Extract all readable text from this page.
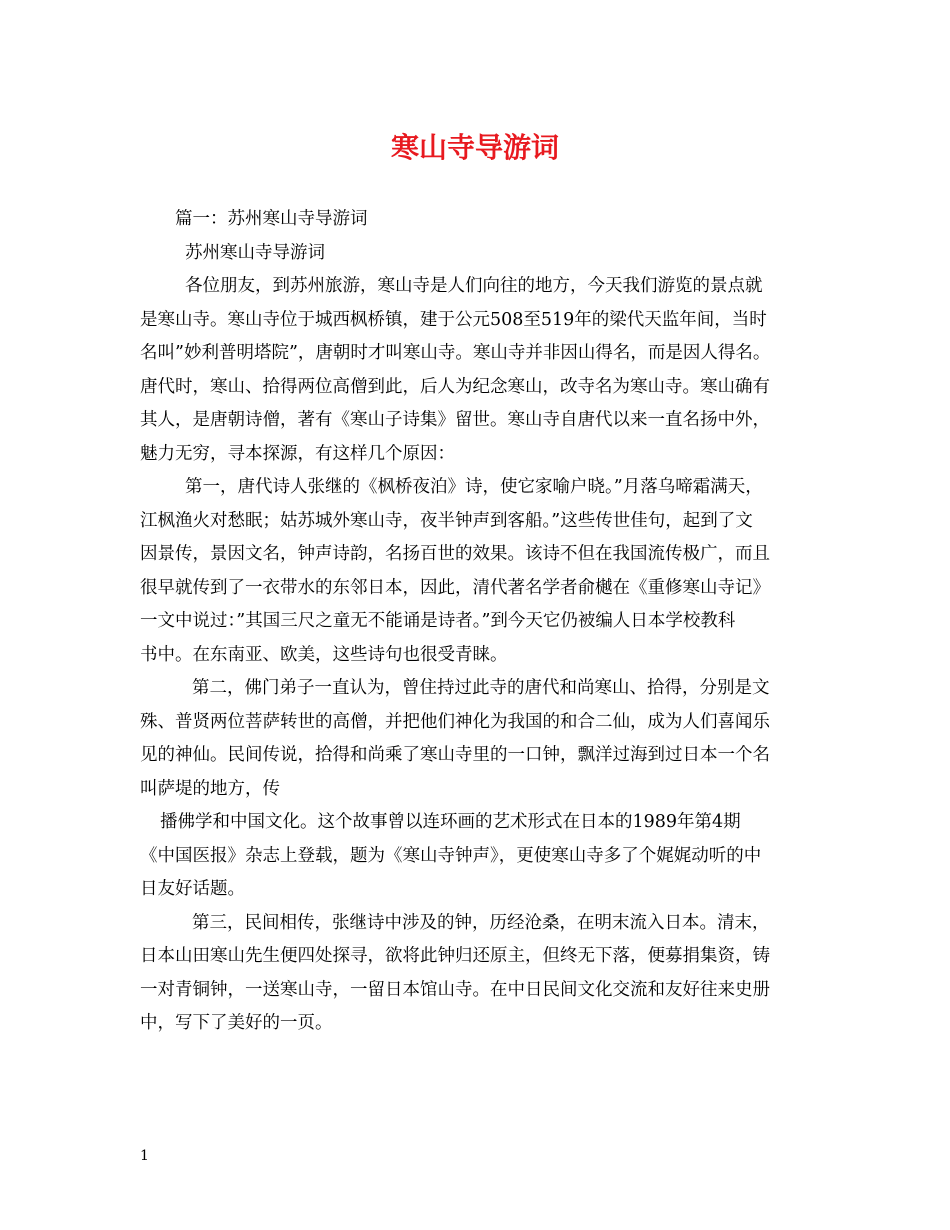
寒山寺导游词
篇一：苏州寒山寺导游词
苏州寒山寺导游词
各位朋友，到苏州旅游，寒山寺是人们向往的地方，今天我们游览的景点就
是寒山寺。寒山寺位于城西枫桥镇，建于公元508至519年的梁代天监年间，当时
名叫”妙利普明塔院”，唐朝时才叫寒山寺。寒山寺并非因山得名，而是因人得名。
唐代时，寒山、拾得两位高僧到此，后人为纪念寒山，改寺名为寒山寺。寒山确有
其人，是唐朝诗僧，著有《寒山子诗集》留世。寒山寺自唐代以来一直名扬中外，
魅力无穷，寻本探源，有这样几个原因：
第一，唐代诗人张继的《枫桥夜泊》诗，使它家喻户晓。”月落乌啼霜满天，
江枫渔火对愁眠；姑苏城外寒山寺，夜半钟声到客船。”这些传世佳句，起到了文
因景传，景因文名，钟声诗韵，名扬百世的效果。该诗不但在我国流传极广，而且
很早就传到了一衣带水的东邻日本，因此，清代著名学者俞樾在《重修寒山寺记》
一文中说过：”其国三尺之童无不能诵是诗者。”到今天它仍被编人日本学校教科
书中。在东南亚、欧美，这些诗句也很受青睐。
第二，佛门弟子一直认为，曾住持过此寺的唐代和尚寒山、拾得，分别是文
殊、普贤两位菩萨转世的高僧，并把他们神化为我国的和合二仙，成为人们喜闻乐
见的神仙。民间传说，拾得和尚乘了寒山寺里的一口钟，飘洋过海到过日本一个名
叫萨堤的地方，传
播佛学和中国文化。这个故事曾以连环画的艺术形式在日本的1989年第4期
《中国医报》杂志上登载，题为《寒山寺钟声》，更使寒山寺多了个娓娓动听的中
日友好话题。
第三，民间相传，张继诗中涉及的钟，历经沧桑，在明末流入日本。清末，
日本山田寒山先生便四处探寻，欲将此钟归还原主，但终无下落，便募捐集资，铸
一对青铜钟，一送寒山寺，一留日本馆山寺。在中日民间文化交流和友好往来史册
中，写下了美好的一页。
1
